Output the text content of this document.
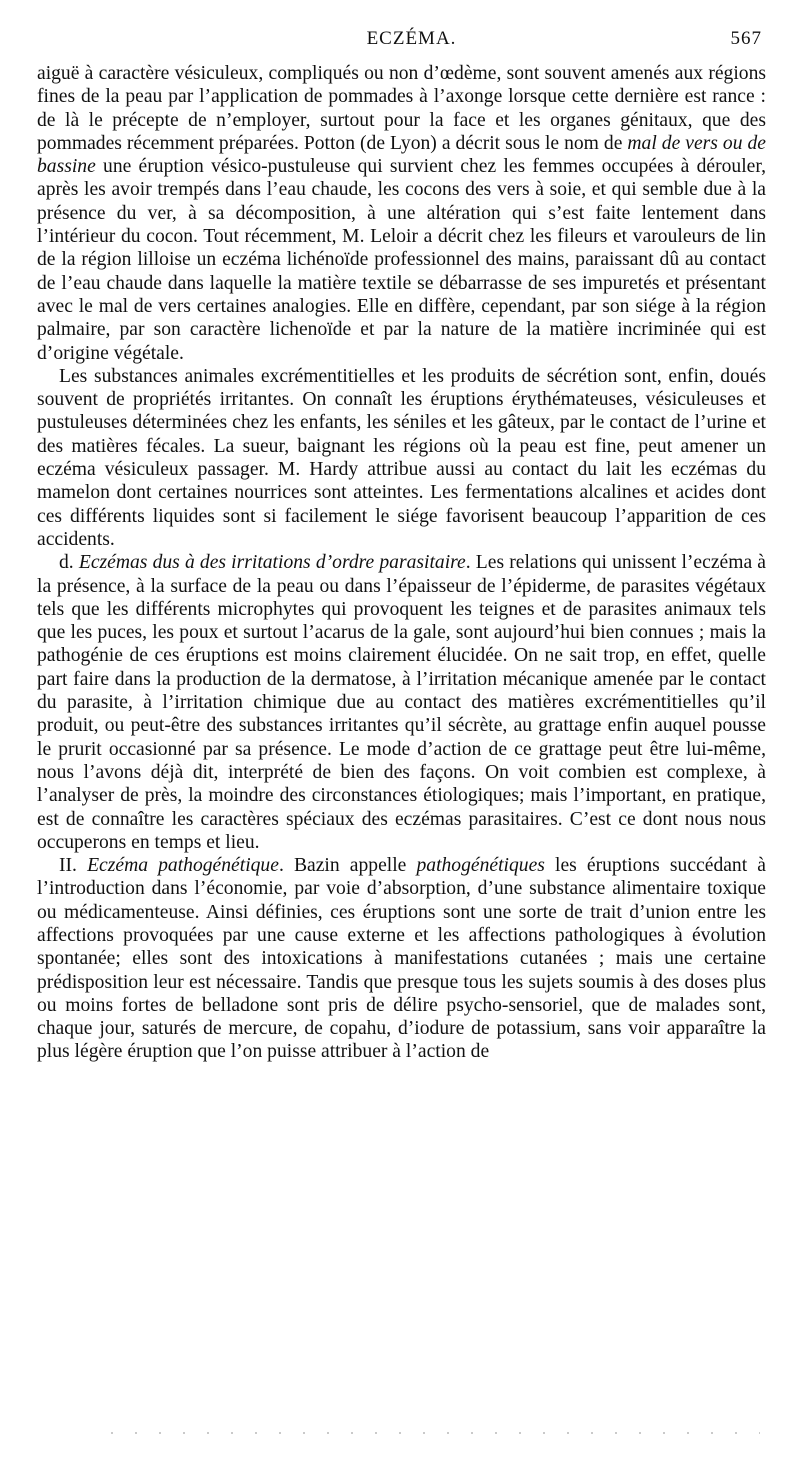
ECZÉMA.	567

aiguë à caractère vésiculeux, compliqués ou non d’œdème, sont souvent amenés aux régions fines de la peau par l’application de pommades à l’axonge lorsque cette dernière est rance : de là le précepte de n’employer, surtout pour la face et les organes génitaux, que des pommades récemment préparées. Potton (de Lyon) a décrit sous le nom de mal de vers ou de bassine une éruption vésico-pustuleuse qui survient chez les femmes occupées à dérouler, après les avoir trempés dans l’eau chaude, les cocons des vers à soie, et qui semble due à la présence du ver, à sa décomposition, à une altération qui s’est faite lentement dans l’intérieur du cocon. Tout récemment, M. Leloir a décrit chez les fileurs et varouleurs de lin de la région lilloise un eczéma lichénoïde professionnel des mains, paraissant dû au contact de l’eau chaude dans laquelle la matière textile se débarrasse de ses impuretés et présentant avec le mal de vers certaines analogies. Elle en diffère, cependant, par son siége à la région palmaire, par son caractère lichenoïde et par la nature de la matière incriminée qui est d’origine végétale.

Les substances animales excrémentitielles et les produits de sécrétion sont, enfin, doués souvent de propriétés irritantes. On connaît les éruptions érythémateuses, vésiculeuses et pustuleuses déterminées chez les enfants, les séniles et les gâteux, par le contact de l’urine et des matières fécales. La sueur, baignant les régions où la peau est fine, peut amener un eczéma vésiculeux passager. M. Hardy attribue aussi au contact du lait les eczémas du mamelon dont certaines nourrices sont atteintes. Les fermentations alcalines et acides dont ces différents liquides sont si facilement le siége favorisent beaucoup l’apparition de ces accidents.

d. Eczémas dus à des irritations d’ordre parasitaire. Les relations qui unissent l’eczéma à la présence, à la surface de la peau ou dans l’épaisseur de l’épiderme, de parasites végétaux tels que les différents microphytes qui provoquent les teignes et de parasites animaux tels que les puces, les poux et surtout l’acarus de la gale, sont aujourd’hui bien connues ; mais la pathogénie de ces éruptions est moins clairement élucidée. On ne sait trop, en effet, quelle part faire dans la production de la dermatose, à l’irritation mécanique amenée par le contact du parasite, à l’irritation chimique due au contact des matières excrémentitielles qu’il produit, ou peut-être des substances irritantes qu’il sécrète, au grattage enfin auquel pousse le prurit occasionné par sa présence. Le mode d’action de ce grattage peut être lui-même, nous l’avons déjà dit, interprété de bien des façons. On voit combien est complexe, à l’analyser de près, la moindre des circonstances étiologiques; mais l’important, en pratique, est de connaître les caractères spéciaux des eczémas parasitaires. C’est ce dont nous nous occuperons en temps et lieu.

II. Eczéma pathogénétique. Bazin appelle pathogénétiques les éruptions succédant à l’introduction dans l’économie, par voie d’absorption, d’une substance alimentaire toxique ou médicamenteuse. Ainsi définies, ces éruptions sont une sorte de trait d’union entre les affections provoquées par une cause externe et les affections pathologiques à évolution spontanée; elles sont des intoxications à manifestations cutanées ; mais une certaine prédisposition leur est nécessaire. Tandis que presque tous les sujets soumis à des doses plus ou moins fortes de belladone sont pris de délire psycho-sensoriel, que de malades sont, chaque jour, saturés de mercure, de copahu, d’iodure de potassium, sans voir apparaître la plus légère éruption que l’on puisse attribuer à l’action de
